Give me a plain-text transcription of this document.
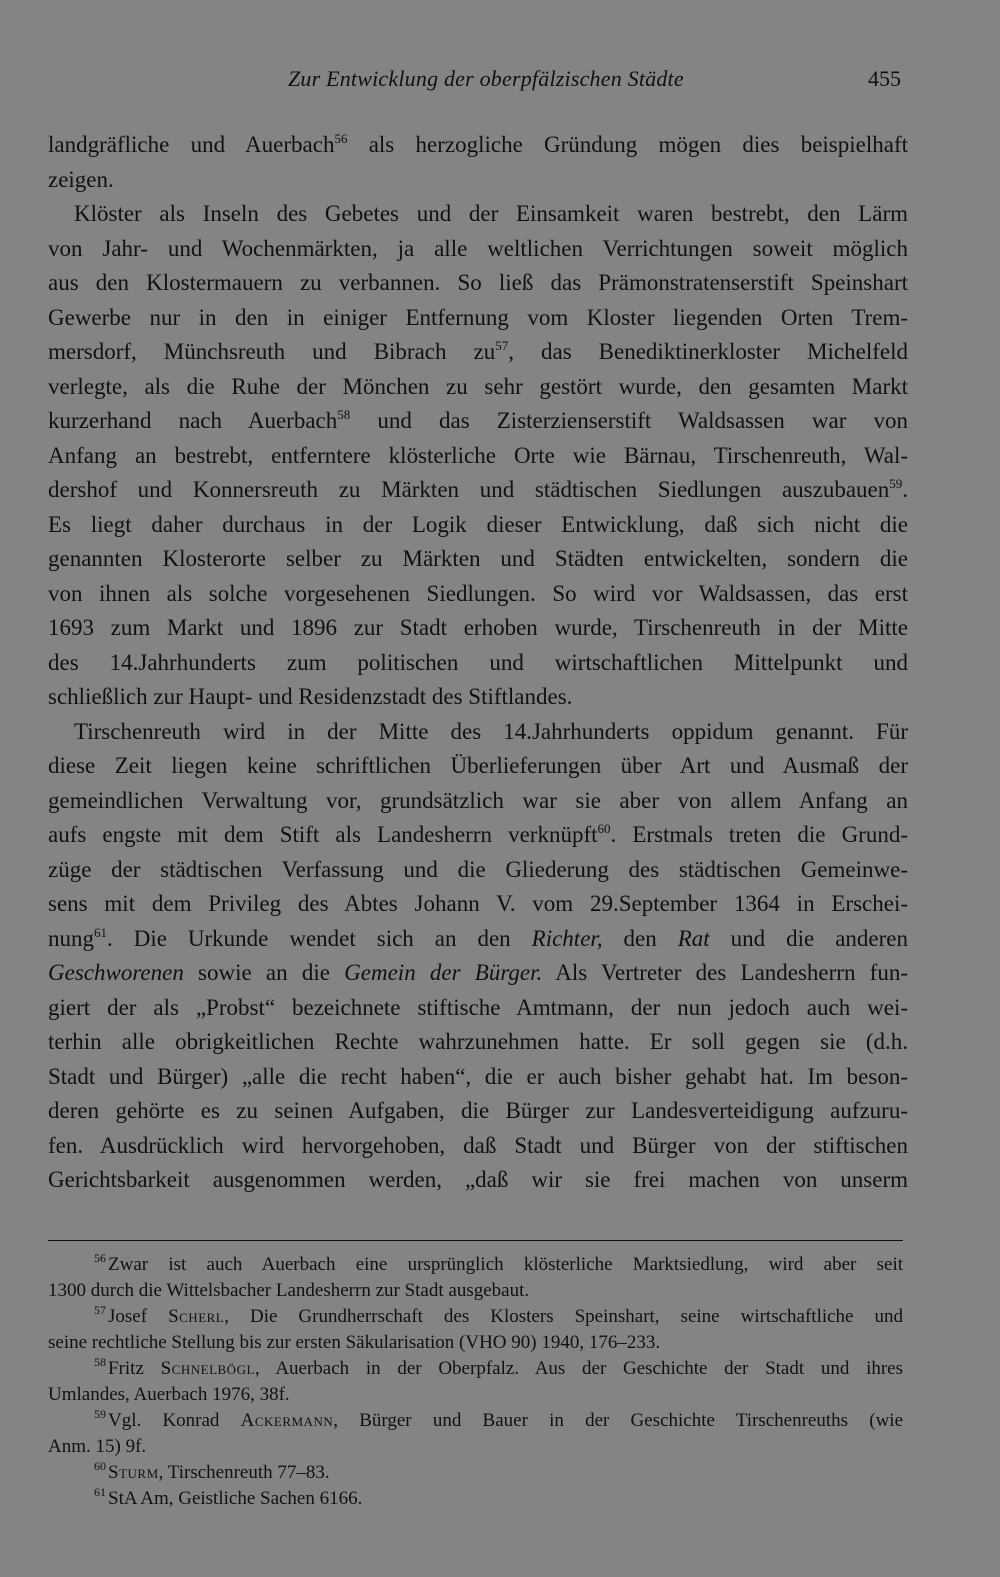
Zur Entwicklung der oberpfälzischen Städte	455
landgräfliche und Auerbach$^{56}$ als herzogliche Gründung mögen dies beispielhaft
zeigen.
Klöster als Inseln des Gebetes und der Einsamkeit waren bestrebt, den Lärm
von Jahr- und Wochenmärkten, ja alle weltlichen Verrichtungen soweit möglich
aus den Klostermauern zu verbannen. So ließ das Prämonstratenserstift Speinshart
Gewerbe nur in den in einiger Entfernung vom Kloster liegenden Orten Trem-
mersdorf, Münchsreuth und Bibrach $zu^{57}$, das Benediktinerkloster Michelfeld
verlegte, als die Ruhe der Mönchen zu sehr gestört wurde, den gesamten Markt
kurzerhand nach Auerbach$^{58}$ und das Zisterzienserstift Waldsassen war von
Anfang an bestrebt, entferntere klösterliche Orte wie Bärnau, Tirschenreuth, Wal-
dershof und Konnersreuth zu Märkten und städtischen Siedlungen auszubauen$^{59}$.
Es liegt daher durchaus in der Logik dieser Entwicklung, daß sich nicht die
genannten Klosterorte selber zu Märkten und Städten entwickelten, sondern die
von ihnen als solche vorgesehenen Siedlungen. So wird vor Waldsassen, das erst
1693 zum Markt und 1896 zur Stadt erhoben wurde, Tirschenreuth in der Mitte
des 14.Jahrhunderts zum politischen und wirtschaftlichen Mittelpunkt und
schließlich zur Haupt- und Residenzstadt des Stiftlandes.
Tirschenreuth wird in der Mitte des 14.Jahrhunderts oppidum genannt. Für
diese Zeit liegen keine schriftlichen Überlieferungen über Art und Ausmaß der
gemeindlichen Verwaltung vor, grundsätzlich war sie aber von allem Anfang an
aufs engste mit dem Stift als Landesherrn verknüpft$^{60}$. Erstmals treten die Grund-
züge der städtischen Verfassung und die Gliederung des städtischen Gemeinwe-
sens mit dem Privileg des Abtes Johann V. vom 29.September 1364 in Erschei-
nung$^{61}$. Die Urkunde wendet sich an den Richter, den Rat und die anderen
Geschworenen sowie an die Gemein der Bürger. Als Vertreter des Landesherrn fun-
giert der als „Probst“ bezeichnete stiftische Amtmann, der nun jedoch auch wei-
terhin alle obrigkeitlichen Rechte wahrzunehmen hatte. Er soll gegen sie (d.h.
Stadt und Bürger) „alle die recht haben“, die er auch bisher gehabt hat. Im beson-
deren gehörte es zu seinen Aufgaben, die Bürger zur Landesverteidigung aufzuru-
fen. Ausdrücklich wird hervorgehoben, daß Stadt und Bürger von der stiftischen
Gerichtsbarkeit ausgenommen werden, „daß wir sie frei machen von unserm
$^{56}$ Zwar ist auch Auerbach eine ursprünglich klösterliche Marktsiedlung, wird aber seit
1300 durch die Wittelsbacher Landesherrn zur Stadt ausgebaut.
$^{57}$ Josef Scherl, Die Grundherrschaft des Klosters Speinshart, seine wirtschaftliche und
seine rechtliche Stellung bis zur ersten Säkularisation (VHO 90) 1940, 176–233.
$^{58}$ Fritz Schnelbögl, Auerbach in der Oberpfalz. Aus der Geschichte der Stadt und ihres
Umlandes, Auerbach 1976, 38f.
$^{59}$ Vgl. Konrad Ackermann, Bürger und Bauer in der Geschichte Tirschenreuths (wie
Anm. 15) 9f.
$^{60}$ Sturm, Tirschenreuth 77–83.
$^{61}$ StA Am, Geistliche Sachen 6166.
